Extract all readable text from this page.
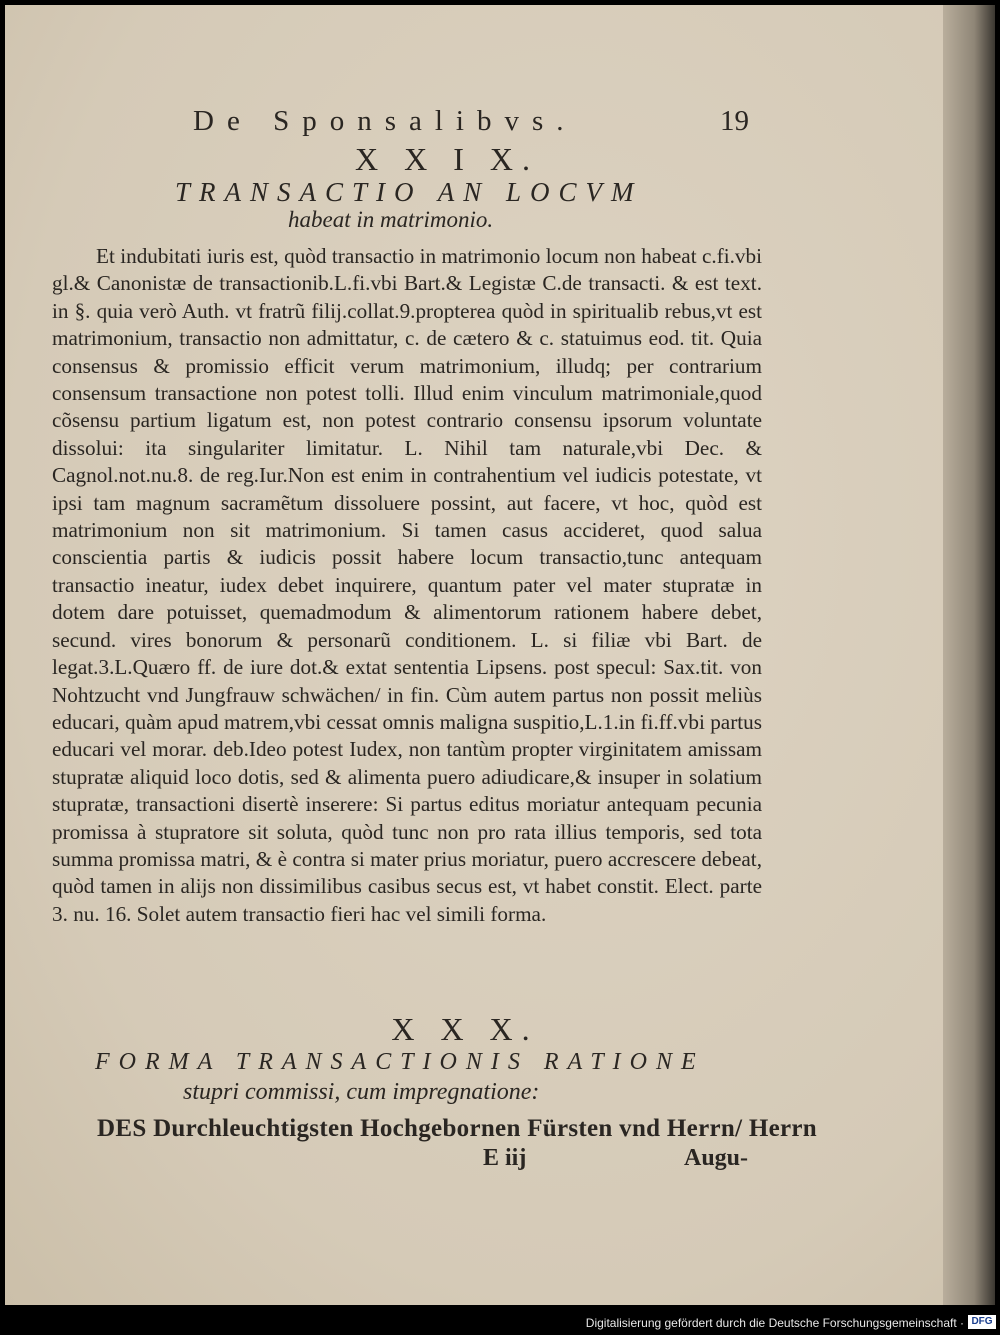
De Sponsalibvs.	19
X X I X.
TRANSACTIO AN LOCVM
habeat in matrimonio.
Et indubitati iuris est, quòd transactio in matrimonio locum non habeat c.fi.vbi gl.& Canonistæ de transactionib.L.fi.vbi Bart.& Legistæ C.de transacti. & est text. in §. quia verò Auth. vt fratrũ filij.collat.9.propterea quòd in spiritualib rebus,vt est matrimonium, transactio non admittatur, c. de cætero & c. statuimus eod. tit. Quia consensus & promissio efficit verum matrimonium, illudq; per contrarium consensum transactione non potest tolli. Illud enim vinculum matrimoniale,quod cõsensu partium ligatum est, non potest contrario consensu ipsorum voluntate dissolui: ita singulariter limitatur. L. Nihil tam naturale,vbi Dec. & Cagnol.not.nu.8. de reg.Iur.Non est enim in contrahentium vel iudicis potestate, vt ipsi tam magnum sacramẽtum dissoluere possint, aut facere, vt hoc, quòd est matrimonium non sit matrimonium. Si tamen casus accideret, quod salua conscientia partis & iudicis possit habere locum transactio,tunc antequam transactio ineatur, iudex debet inquirere, quantum pater vel mater stupratæ in dotem dare potuisset, quemadmodum & alimentorum rationem habere debet, secund. vires bonorum & personarũ conditionem. L. si filiæ vbi Bart. de legat.3.L.Quæro ff. de iure dot.& extat sententia Lipsens. post specul: Sax.tit. von Nohtzucht vnd Jungfrauw schwächen/ in fin. Cùm autem partus non possit meliùs educari, quàm apud matrem,vbi cessat omnis maligna suspitio,L.1.in fi.ff.vbi partus educari vel morar. deb.Ideo potest Iudex, non tantùm propter virginitatem amissam stupratæ aliquid loco dotis, sed & alimenta puero adiudicare,& insuper in solatium stupratæ, transactioni disertè inserere: Si partus editus moriatur antequam pecunia promissa à stupratore sit soluta, quòd tunc non pro rata illius temporis, sed tota summa promissa matri, & è contra si mater prius moriatur, puero accrescere debeat, quòd tamen in alijs non dissimilibus casibus secus est, vt habet constit. Elect. parte 3. nu. 16. Solet autem transactio fieri hac vel simili forma.
X X X.
FORMA TRANSACTIONIS RATIONE
stupri commissi, cum impregnatione:
DES Durchleuchtigsten Hochgebornen Fürsten vnd Herrn/ Herrn
E iij	Augu-
Digitalisierung gefördert durch die Deutsche Forschungsgemeinschaft · DFG
